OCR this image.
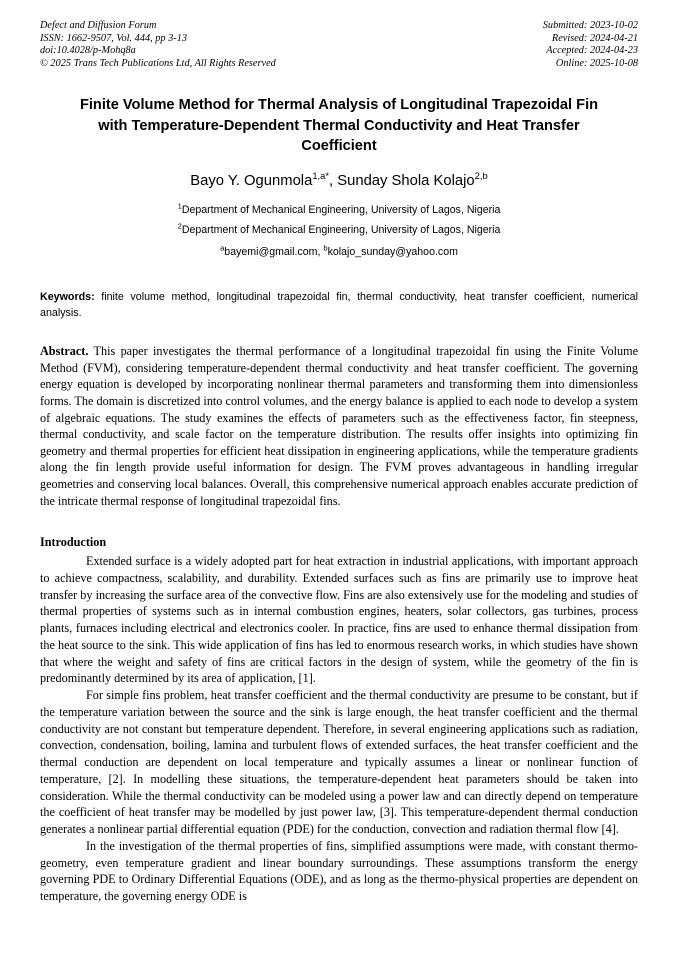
Defect and Diffusion Forum
ISSN: 1662-9507, Vol. 444, pp 3-13
doi:10.4028/p-Mohq8a
© 2025 Trans Tech Publications Ltd, All Rights Reserved
Submitted: 2023-10-02
Revised: 2024-04-21
Accepted: 2024-04-23
Online: 2025-10-08
Finite Volume Method for Thermal Analysis of Longitudinal Trapezoidal Fin with Temperature-Dependent Thermal Conductivity and Heat Transfer Coefficient
Bayo Y. Ogunmola$^{1,a*}$, Sunday Shola Kolajo$^{2,b}$
$^1$Department of Mechanical Engineering, University of Lagos, Nigeria
$^2$Department of Mechanical Engineering, University of Lagos, Nigeria
$^a$bayemi@gmail.com, $^b$kolajo_sunday@yahoo.com
Keywords: finite volume method, longitudinal trapezoidal fin, thermal conductivity, heat transfer coefficient, numerical analysis.
Abstract. This paper investigates the thermal performance of a longitudinal trapezoidal fin using the Finite Volume Method (FVM), considering temperature-dependent thermal conductivity and heat transfer coefficient. The governing energy equation is developed by incorporating nonlinear thermal parameters and transforming them into dimensionless forms. The domain is discretized into control volumes, and the energy balance is applied to each node to develop a system of algebraic equations. The study examines the effects of parameters such as the effectiveness factor, fin steepness, thermal conductivity, and scale factor on the temperature distribution. The results offer insights into optimizing fin geometry and thermal properties for efficient heat dissipation in engineering applications, while the temperature gradients along the fin length provide useful information for design. The FVM proves advantageous in handling irregular geometries and conserving local balances. Overall, this comprehensive numerical approach enables accurate prediction of the intricate thermal response of longitudinal trapezoidal fins.
Introduction

Extended surface is a widely adopted part for heat extraction in industrial applications, with important approach to achieve compactness, scalability, and durability. Extended surfaces such as fins are primarily use to improve heat transfer by increasing the surface area of the convective flow. Fins are also extensively use for the modeling and studies of thermal properties of systems such as in internal combustion engines, heaters, solar collectors, gas turbines, process plants, furnaces including electrical and electronics cooler. In practice, fins are used to enhance thermal dissipation from the heat source to the sink. This wide application of fins has led to enormous research works, in which studies have shown that where the weight and safety of fins are critical factors in the design of system, while the geometry of the fin is predominantly determined by its area of application, [1].

For simple fins problem, heat transfer coefficient and the thermal conductivity are presume to be constant, but if the temperature variation between the source and the sink is large enough, the heat transfer coefficient and the thermal conductivity are not constant but temperature dependent. Therefore, in several engineering applications such as radiation, convection, condensation, boiling, lamina and turbulent flows of extended surfaces, the heat transfer coefficient and the thermal conduction are dependent on local temperature and typically assumes a linear or nonlinear function of temperature, [2]. In modelling these situations, the temperature-dependent heat parameters should be taken into consideration. While the thermal conductivity can be modeled using a power law and can directly depend on temperature the coefficient of heat transfer may be modelled by just power law, [3]. This temperature-dependent thermal conduction generates a nonlinear partial differential equation (PDE) for the conduction, convection and radiation thermal flow [4].

In the investigation of the thermal properties of fins, simplified assumptions were made, with constant thermo-geometry, even temperature gradient and linear boundary surroundings. These assumptions transform the energy governing PDE to Ordinary Differential Equations (ODE), and as long as the thermo-physical properties are dependent on temperature, the governing energy ODE is
